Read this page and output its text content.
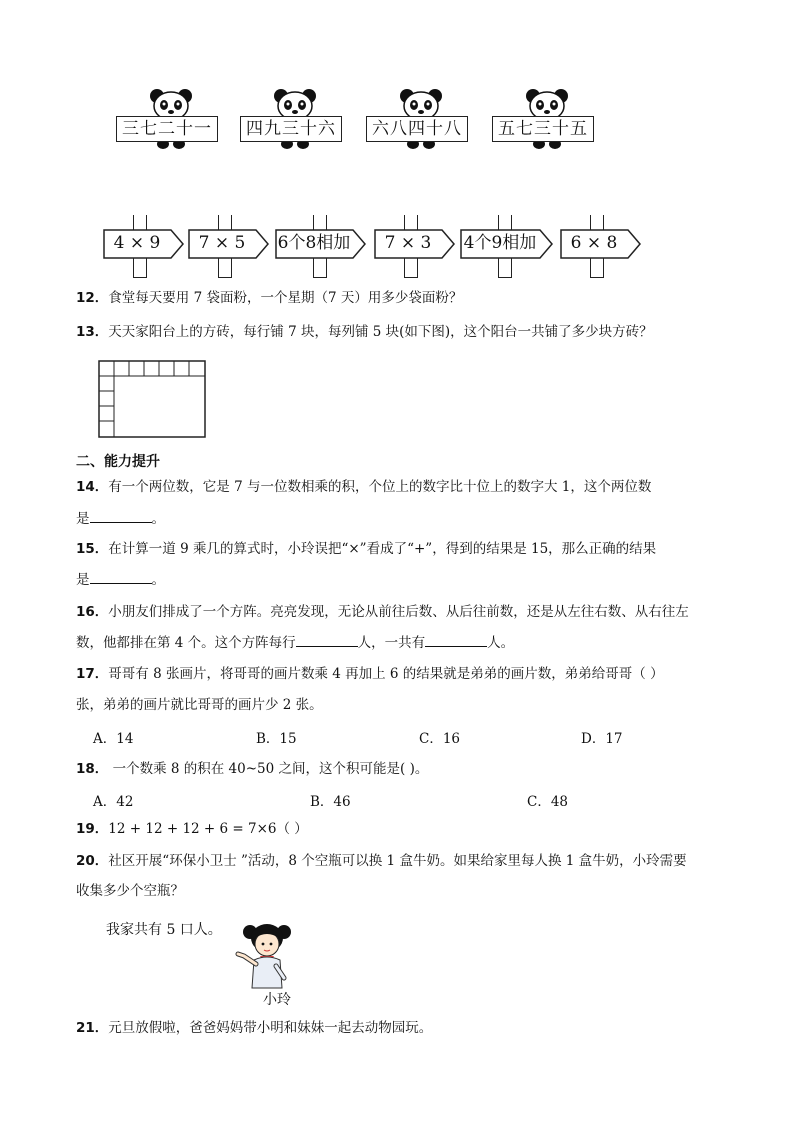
三七二十一	四九三十六	六八四十八	五七三十五
4 × 9	7 × 5	6个8相加	7 × 3	4个9相加	6 × 8
12．食堂每天要用 7 袋面粉，一个星期（7 天）用多少袋面粉？
13．天天家阳台上的方砖，每行铺 7 块，每列铺 5 块(如下图)，这个阳台一共铺了多少块方砖？
二、能力提升
14．有一个两位数，它是 7 与一位数相乘的积，个位上的数字比十位上的数字大 1，这个两位数
是	。
15．在计算一道 9 乘几的算式时，小玲误把“×”看成了“+”，得到的结果是 15，那么正确的结果
是	。
16．小朋友们排成了一个方阵。亮亮发现，无论从前往后数、从后往前数，还是从左往右数、从右往左
数，他都排在第 4 个。这个方阵每行	人，一共有	人。
17．哥哥有 8 张画片，将哥哥的画片数乘 4 再加上 6 的结果就是弟弟的画片数，弟弟给哥哥（ ）
张，弟弟的画片就比哥哥的画片少 2 张。
A．14	B．15	C．16	D．17
18． 一个数乘 8 的积在 40~50 之间，这个积可能是( )。
A．42	B．46	C．48
19．12 + 12 + 12 + 6 = 7×6（ ）
20．社区开展“环保小卫士 ”活动，8 个空瓶可以换 1 盒牛奶。如果给家里每人换 1 盒牛奶，小玲需要
收集多少个空瓶？
我家共有 5 口人。
小玲
21．元旦放假啦，爸爸妈妈带小明和妹妹一起去动物园玩。
